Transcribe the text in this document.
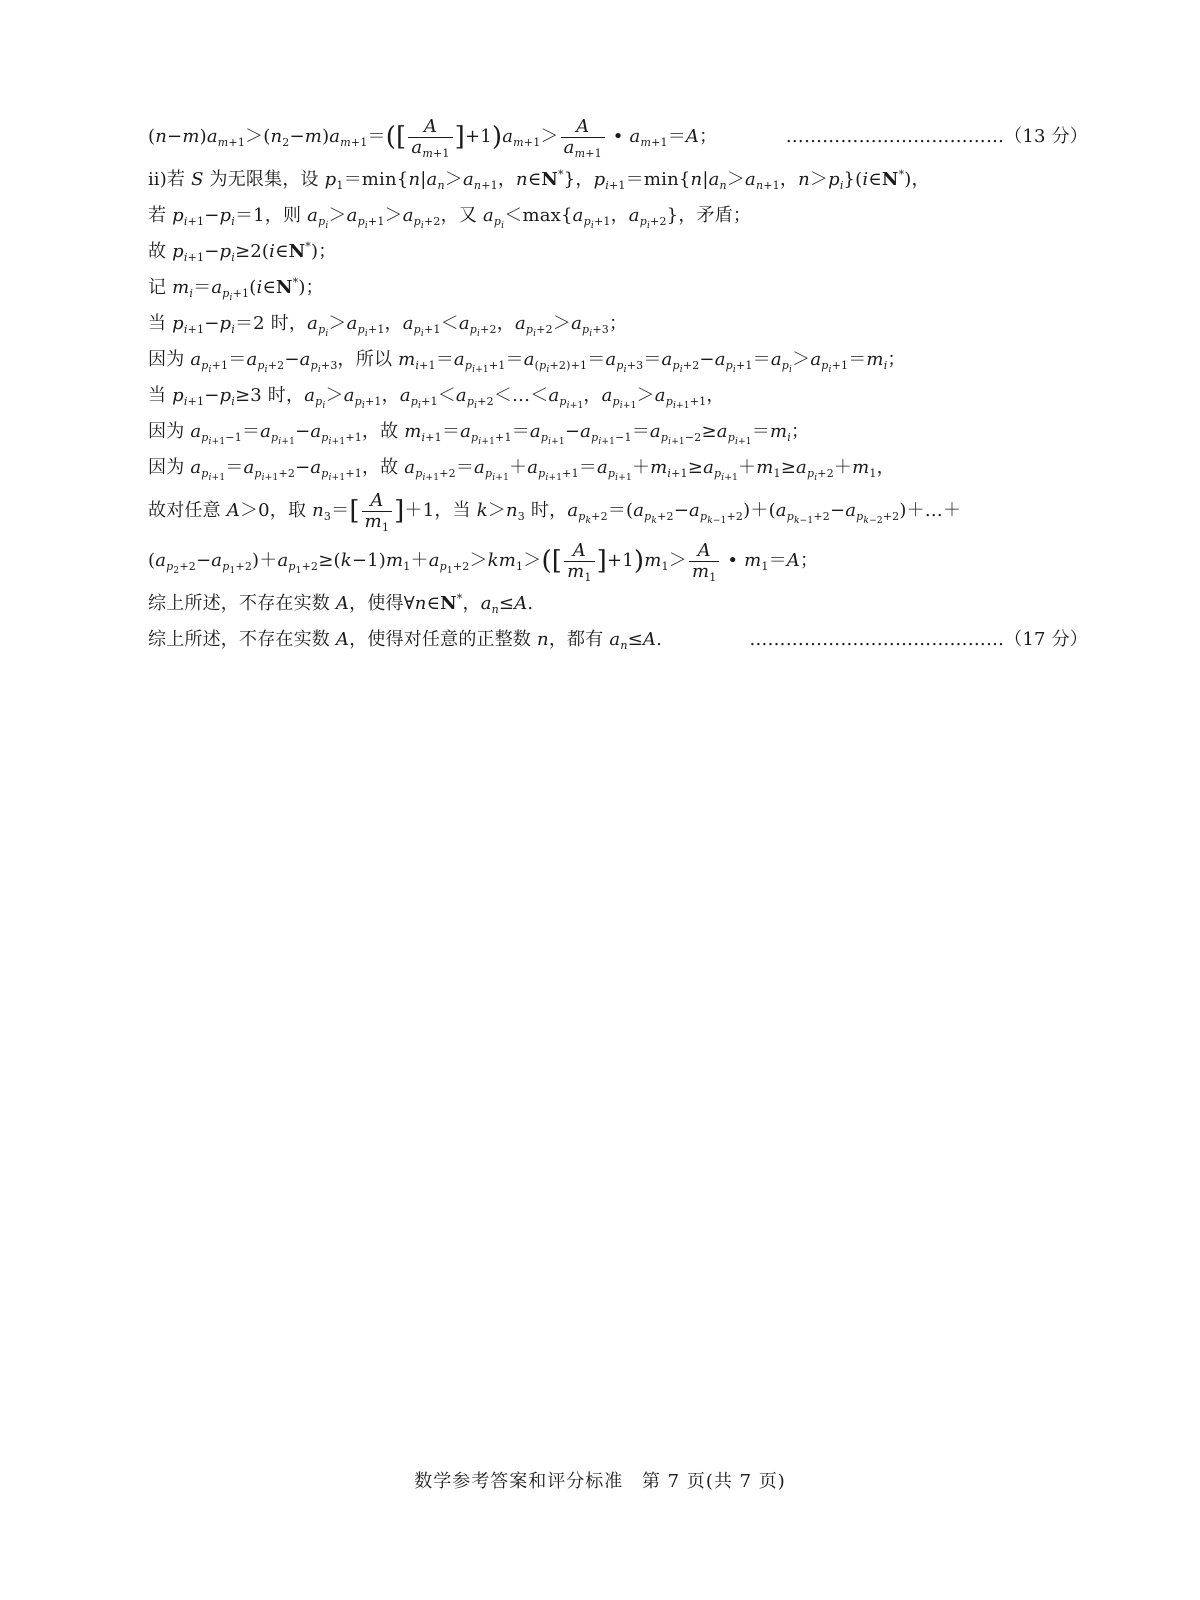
$(n-m)a_{m+1}>(n_2-m)a_{m+1}=([ \frac{A}{a_{m+1}} ]+1)a_{m+1}> \frac{A}{a_{m+1}}$ • $a_{m+1}=A$；	………………………………（13 分）
ⅱ)若 S 为无限集，设 $p_1=\min\{n|a_n>a_{n+1}$，n∈N*}，$p_{i+1}=\min\{n|a_n>a_{n+1}$，$n>p_i\}(i\in N^*)$，
若 $p_{i+1}-p_i=1$，则 $a_{p_i}>a_{p_i+1}>a_{p_i+2}$，又 $a_{p_i}<\max\{a_{p_i+1}$，$a_{p_i+2}$}，矛盾；
故 $p_{i+1}-p_i\ge 2(i\in N^*)$；
记 $m_i=a_{p_i+1}(i\in N^*)$；
当 $p_{i+1}-p_i=2$ 时，$a_{p_i}>a_{p_i+1}$，$a_{p_i+1}<a_{p_i+2}$，$a_{p_i+2}>a_{p_i+3}$；
因为 $a_{p_i+1}=a_{p_i+2}-a_{p_i+3}$，所以 $m_{i+1}=a_{p_{i+1}+1}=a_{(p_i+2)+1}=a_{p_i+3}=a_{p_i+2}-a_{p_i+1}=a_{p_i}>a_{p_i+1}=m_i$；
当 $p_{i+1}-p_i\ge 3$ 时，$a_{p_i}>a_{p_i+1}$，$a_{p_i+1}<a_{p_i+2}<\dots<a_{p_{i+1}}$，$a_{p_{i+1}}>a_{p_{i+1}+1}$，
因为 $a_{p_{i+1}-1}=a_{p_{i+1}}-a_{p_{i+1}+1}$，故 $m_{i+1}=a_{p_{i+1}+1}=a_{p_{i+1}}-a_{p_{i+1}-1}=a_{p_{i+1}-2}\ge a_{p_{i+1}}=m_i$；
因为 $a_{p_{i+1}}=a_{p_{i+1}+2}-a_{p_{i+1}+1}$，故 $a_{p_{i+1}+2}=a_{p_{i+1}}+a_{p_{i+1}+1}=a_{p_{i+1}}+m_{i+1}\ge a_{p_{i+1}}+m_1\ge a_{p_i+2}+m_1$，
故对任意 A＞0，取 $n_3=[ \frac{A}{m_1} ]+1$，当 $k>n_3$ 时，$a_{p_k+2}=(a_{p_k+2}-a_{p_{k-1}+2})+(a_{p_{k-1}+2}-a_{p_{k-2}+2})+\dots+$
$(a_{p_2+2}-a_{p_1+2})+a_{p_1+2}\ge(k-1)m_1+a_{p_1+2}>km_1>([ \frac{A}{m_1} ]+1)m_1> \frac{A}{m_1}$ • $m_1=A$；
综上所述，不存在实数 A，使得∀n∈N*，$a_n\le A$.
综上所述，不存在实数 A，使得对任意的正整数 n，都有 $a_n\le A$.	……………………………………（17 分）
数学参考答案和评分标准 第 7 页(共 7 页)
